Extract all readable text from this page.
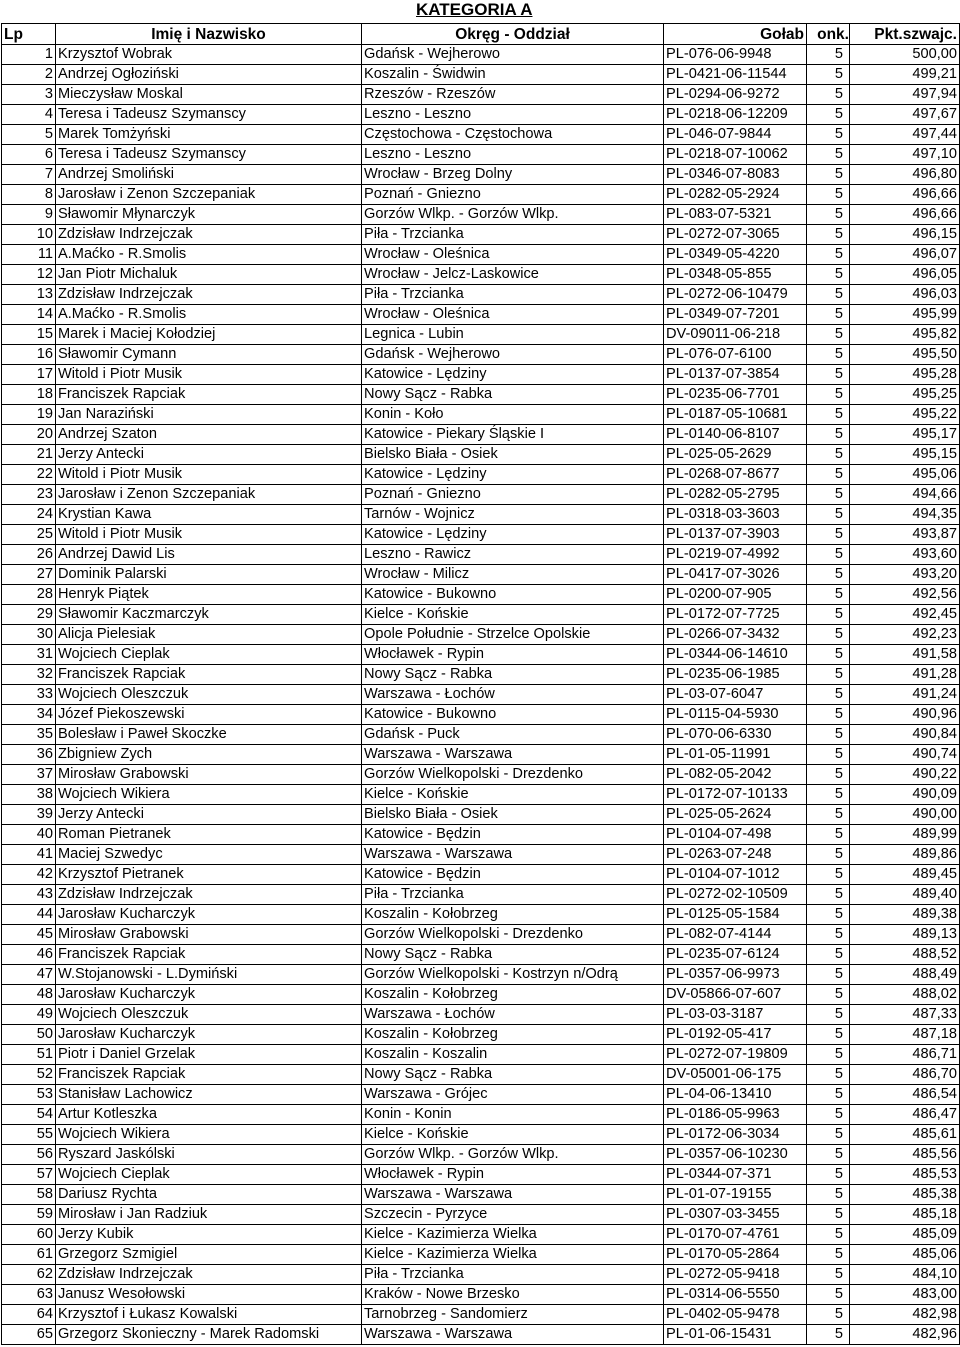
KATEGORIA A
Lp	Imię i Nazwisko	Okręg - Oddział	Gołab	onk.	Pkt.szwajc.
1	Krzysztof Wobrak	Gdańsk - Wejherowo	PL-076-06-9948	5	500,00
2	Andrzej Ogłoziński	Koszalin - Świdwin	PL-0421-06-11544	5	499,21
3	Mieczysław Moskal	Rzeszów - Rzeszów	PL-0294-06-9272	5	497,94
4	Teresa i Tadeusz Szymanscy	Leszno - Leszno	PL-0218-06-12209	5	497,67
5	Marek Tomżyński	Częstochowa - Częstochowa	PL-046-07-9844	5	497,44
6	Teresa i Tadeusz Szymanscy	Leszno - Leszno	PL-0218-07-10062	5	497,10
7	Andrzej Smoliński	Wrocław - Brzeg Dolny	PL-0346-07-8083	5	496,80
8	Jarosław i Zenon Szczepaniak	Poznań - Gniezno	PL-0282-05-2924	5	496,66
9	Sławomir Młynarczyk	Gorzów Wlkp. - Gorzów Wlkp.	PL-083-07-5321	5	496,66
10	Zdzisław Indrzejczak	Piła - Trzcianka	PL-0272-07-3065	5	496,15
11	A.Maćko - R.Smolis	Wrocław - Oleśnica	PL-0349-05-4220	5	496,07
12	Jan Piotr Michaluk	Wrocław - Jelcz-Laskowice	PL-0348-05-855	5	496,05
13	Zdzisław Indrzejczak	Piła - Trzcianka	PL-0272-06-10479	5	496,03
14	A.Maćko - R.Smolis	Wrocław - Oleśnica	PL-0349-07-7201	5	495,99
15	Marek i Maciej Kołodziej	Legnica - Lubin	DV-09011-06-218	5	495,82
16	Sławomir Cymann	Gdańsk - Wejherowo	PL-076-07-6100	5	495,50
17	Witold i Piotr Musik	Katowice - Lędziny	PL-0137-07-3854	5	495,28
18	Franciszek Rapciak	Nowy Sącz - Rabka	PL-0235-06-7701	5	495,25
19	Jan Naraziński	Konin - Koło	PL-0187-05-10681	5	495,22
20	Andrzej Szaton	Katowice - Piekary Śląskie I	PL-0140-06-8107	5	495,17
21	Jerzy Antecki	Bielsko Biała - Osiek	PL-025-05-2629	5	495,15
22	Witold i Piotr Musik	Katowice - Lędziny	PL-0268-07-8677	5	495,06
23	Jarosław i Zenon Szczepaniak	Poznań - Gniezno	PL-0282-05-2795	5	494,66
24	Krystian Kawa	Tarnów - Wojnicz	PL-0318-03-3603	5	494,35
25	Witold i Piotr Musik	Katowice - Lędziny	PL-0137-07-3903	5	493,87
26	Andrzej Dawid Lis	Leszno - Rawicz	PL-0219-07-4992	5	493,60
27	Dominik Palarski	Wrocław - Milicz	PL-0417-07-3026	5	493,20
28	Henryk Piątek	Katowice - Bukowno	PL-0200-07-905	5	492,56
29	Sławomir Kaczmarczyk	Kielce - Końskie	PL-0172-07-7725	5	492,45
30	Alicja Pielesiak	Opole Południe - Strzelce Opolskie	PL-0266-07-3432	5	492,23
31	Wojciech Cieplak	Włocławek - Rypin	PL-0344-06-14610	5	491,58
32	Franciszek Rapciak	Nowy Sącz - Rabka	PL-0235-06-1985	5	491,28
33	Wojciech Oleszczuk	Warszawa - Łochów	PL-03-07-6047	5	491,24
34	Józef Piekoszewski	Katowice - Bukowno	PL-0115-04-5930	5	490,96
35	Bolesław i Paweł Skoczke	Gdańsk - Puck	PL-070-06-6330	5	490,84
36	Zbigniew Zych	Warszawa - Warszawa	PL-01-05-11991	5	490,74
37	Mirosław Grabowski	Gorzów Wielkopolski - Drezdenko	PL-082-05-2042	5	490,22
38	Wojciech Wikiera	Kielce - Końskie	PL-0172-07-10133	5	490,09
39	Jerzy Antecki	Bielsko Biała - Osiek	PL-025-05-2624	5	490,00
40	Roman Pietranek	Katowice - Będzin	PL-0104-07-498	5	489,99
41	Maciej Szwedyc	Warszawa - Warszawa	PL-0263-07-248	5	489,86
42	Krzysztof Pietranek	Katowice - Będzin	PL-0104-07-1012	5	489,45
43	Zdzisław Indrzejczak	Piła - Trzcianka	PL-0272-02-10509	5	489,40
44	Jarosław Kucharczyk	Koszalin - Kołobrzeg	PL-0125-05-1584	5	489,38
45	Mirosław Grabowski	Gorzów Wielkopolski - Drezdenko	PL-082-07-4144	5	489,13
46	Franciszek Rapciak	Nowy Sącz - Rabka	PL-0235-07-6124	5	488,52
47	W.Stojanowski - L.Dymiński	Gorzów Wielkopolski - Kostrzyn n/Odrą	PL-0357-06-9973	5	488,49
48	Jarosław Kucharczyk	Koszalin - Kołobrzeg	DV-05866-07-607	5	488,02
49	Wojciech Oleszczuk	Warszawa - Łochów	PL-03-03-3187	5	487,33
50	Jarosław Kucharczyk	Koszalin - Kołobrzeg	PL-0192-05-417	5	487,18
51	Piotr i Daniel Grzelak	Koszalin - Koszalin	PL-0272-07-19809	5	486,71
52	Franciszek Rapciak	Nowy Sącz - Rabka	DV-05001-06-175	5	486,70
53	Stanisław Lachowicz	Warszawa - Grójec	PL-04-06-13410	5	486,54
54	Artur Kotleszka	Konin - Konin	PL-0186-05-9963	5	486,47
55	Wojciech Wikiera	Kielce - Końskie	PL-0172-06-3034	5	485,61
56	Ryszard Jaskólski	Gorzów Wlkp. - Gorzów Wlkp.	PL-0357-06-10230	5	485,56
57	Wojciech Cieplak	Włocławek - Rypin	PL-0344-07-371	5	485,53
58	Dariusz Rychta	Warszawa - Warszawa	PL-01-07-19155	5	485,38
59	Mirosław i Jan Radziuk	Szczecin - Pyrzyce	PL-0307-03-3455	5	485,18
60	Jerzy Kubik	Kielce - Kazimierza Wielka	PL-0170-07-4761	5	485,09
61	Grzegorz Szmigiel	Kielce - Kazimierza Wielka	PL-0170-05-2864	5	485,06
62	Zdzisław Indrzejczak	Piła - Trzcianka	PL-0272-05-9418	5	484,10
63	Janusz Wesołowski	Kraków - Nowe Brzesko	PL-0314-06-5550	5	483,00
64	Krzysztof i Łukasz Kowalski	Tarnobrzeg - Sandomierz	PL-0402-05-9478	5	482,98
65	Grzegorz Skonieczny - Marek Radomski	Warszawa - Warszawa	PL-01-06-15431	5	482,96
